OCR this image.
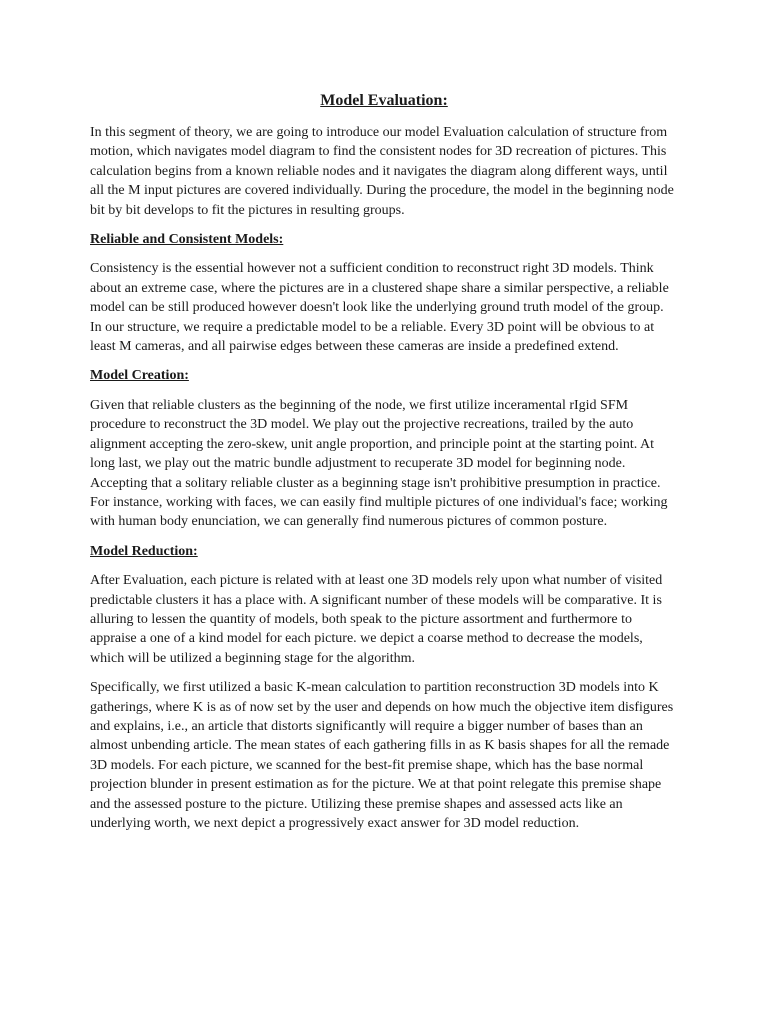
Model Evaluation:

In this segment of theory, we are going to introduce our model Evaluation calculation of structure from motion, which navigates model diagram to find the consistent nodes for 3D recreation of pictures. This calculation begins from a known reliable nodes and it navigates the diagram along different ways, until all the M input pictures are covered individually. During the procedure, the model in the beginning node bit by bit develops to fit the pictures in resulting groups.

Reliable and Consistent Models:

Consistency is the essential however not a sufficient condition to reconstruct right 3D models. Think about an extreme case, where the pictures are in a clustered shape share a similar perspective, a reliable model can be still produced however doesn't look like the underlying ground truth model of the group. In our structure, we require a predictable model to be a reliable. Every 3D point will be obvious to at least M cameras, and all pairwise edges between these cameras are inside a predefined extend.

Model Creation:

Given that reliable clusters as the beginning of the node, we first utilize inceramental rIgid SFM procedure to reconstruct the 3D model. We play out the projective recreations, trailed by the auto alignment accepting the zero-skew, unit angle proportion, and principle point at the starting point. At long last, we play out the matric bundle adjustment to recuperate 3D model for beginning node. Accepting that a solitary reliable cluster as a beginning stage isn't prohibitive presumption in practice. For instance, working with faces, we can easily find multiple pictures of one individual's face; working with human body enunciation, we can generally find numerous pictures of common posture.

Model Reduction:

After Evaluation, each picture is related with at least one 3D models rely upon what number of visited predictable clusters it has a place with. A significant number of these models will be comparative. It is alluring to lessen the quantity of models, both speak to the picture assortment and furthermore to appraise a one of a kind model for each picture. we depict a coarse method to decrease the models, which will be utilized a beginning stage for the algorithm.

Specifically, we first utilized a basic K-mean calculation to partition reconstruction 3D models into K gatherings, where K is as of now set by the user and depends on how much the objective item disfigures and explains, i.e., an article that distorts significantly will require a bigger number of bases than an almost unbending article. The mean states of each gathering fills in as K basis shapes for all the remade 3D models. For each picture, we scanned for the best-fit premise shape, which has the base normal projection blunder in present estimation as for the picture. We at that point relegate this premise shape and the assessed posture to the picture. Utilizing these premise shapes and assessed acts like an underlying worth, we next depict a progressively exact answer for 3D model reduction.
